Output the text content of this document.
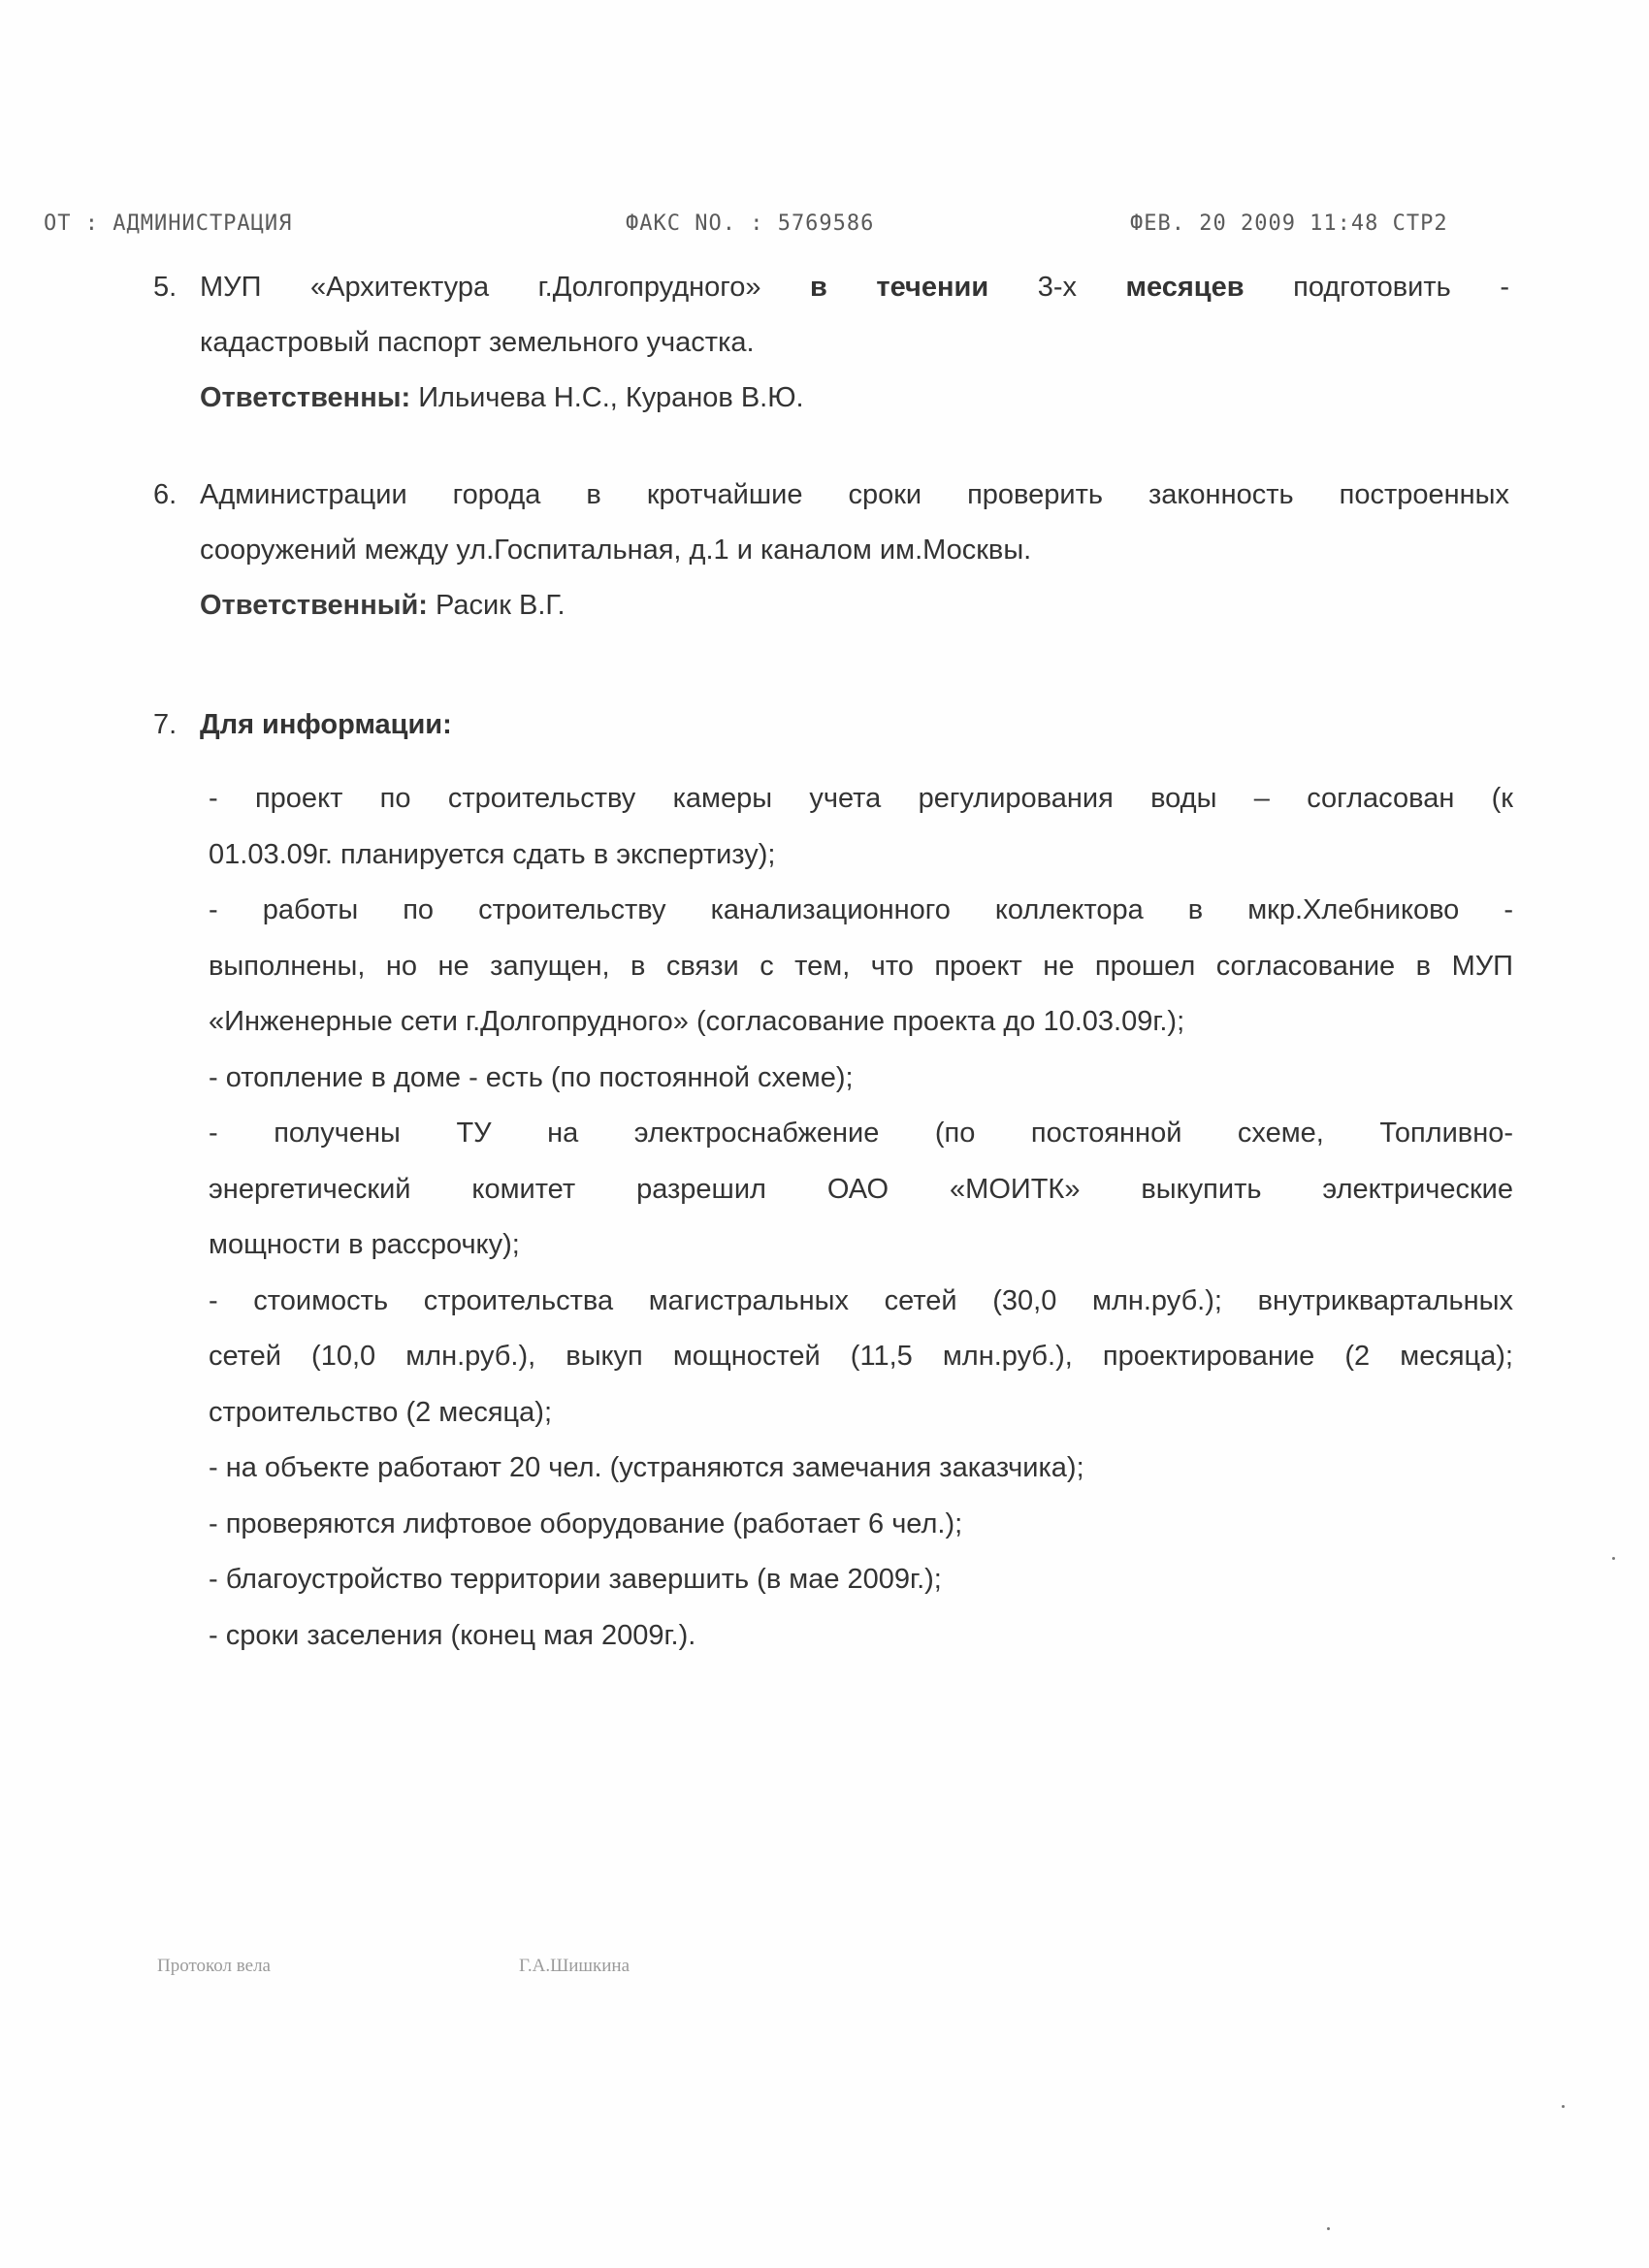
ОТ : АДМИНИСТРАЦИЯ	ФАКС NO. : 5769586	ФЕВ. 20 2009 11:48 СТР2
5. МУП «Архитектура г.Долгопрудного» в течении 3-х месяцев подготовить -
кадастровый паспорт земельного участка.
Ответственны: Ильичева Н.С., Куранов В.Ю.
6. Администрации города в кротчайшие сроки проверить законность построенных
сооружений между ул.Госпитальная, д.1 и каналом им.Москвы.
Ответственный: Расик В.Г.
7. Для информации:
- проект по строительству камеры учета регулирования воды – согласован (к
01.03.09г. планируется сдать в экспертизу);
- работы по строительству канализационного коллектора в мкр.Хлебниково -
выполнены, но не запущен, в связи с тем, что проект не прошел согласование в МУП
«Инженерные сети г.Долгопрудного» (согласование проекта до 10.03.09г.);
- отопление в доме - есть (по постоянной схеме);
- получены ТУ на электроснабжение (по постоянной схеме, Топливно-
энергетический комитет разрешил ОАО «МОИТК» выкупить электрические
мощности в рассрочку);
- стоимость строительства магистральных сетей (30,0 млн.руб.); внутриквартальных
сетей (10,0 млн.руб.), выкуп мощностей (11,5 млн.руб.), проектирование (2 месяца);
строительство (2 месяца);
- на объекте работают 20 чел. (устраняются замечания заказчика);
- проверяются лифтовое оборудование (работает 6 чел.);
- благоустройство территории завершить (в мае 2009г.);
- сроки заселения (конец мая 2009г.).
Протокол вела	Г.А.Шишкина
